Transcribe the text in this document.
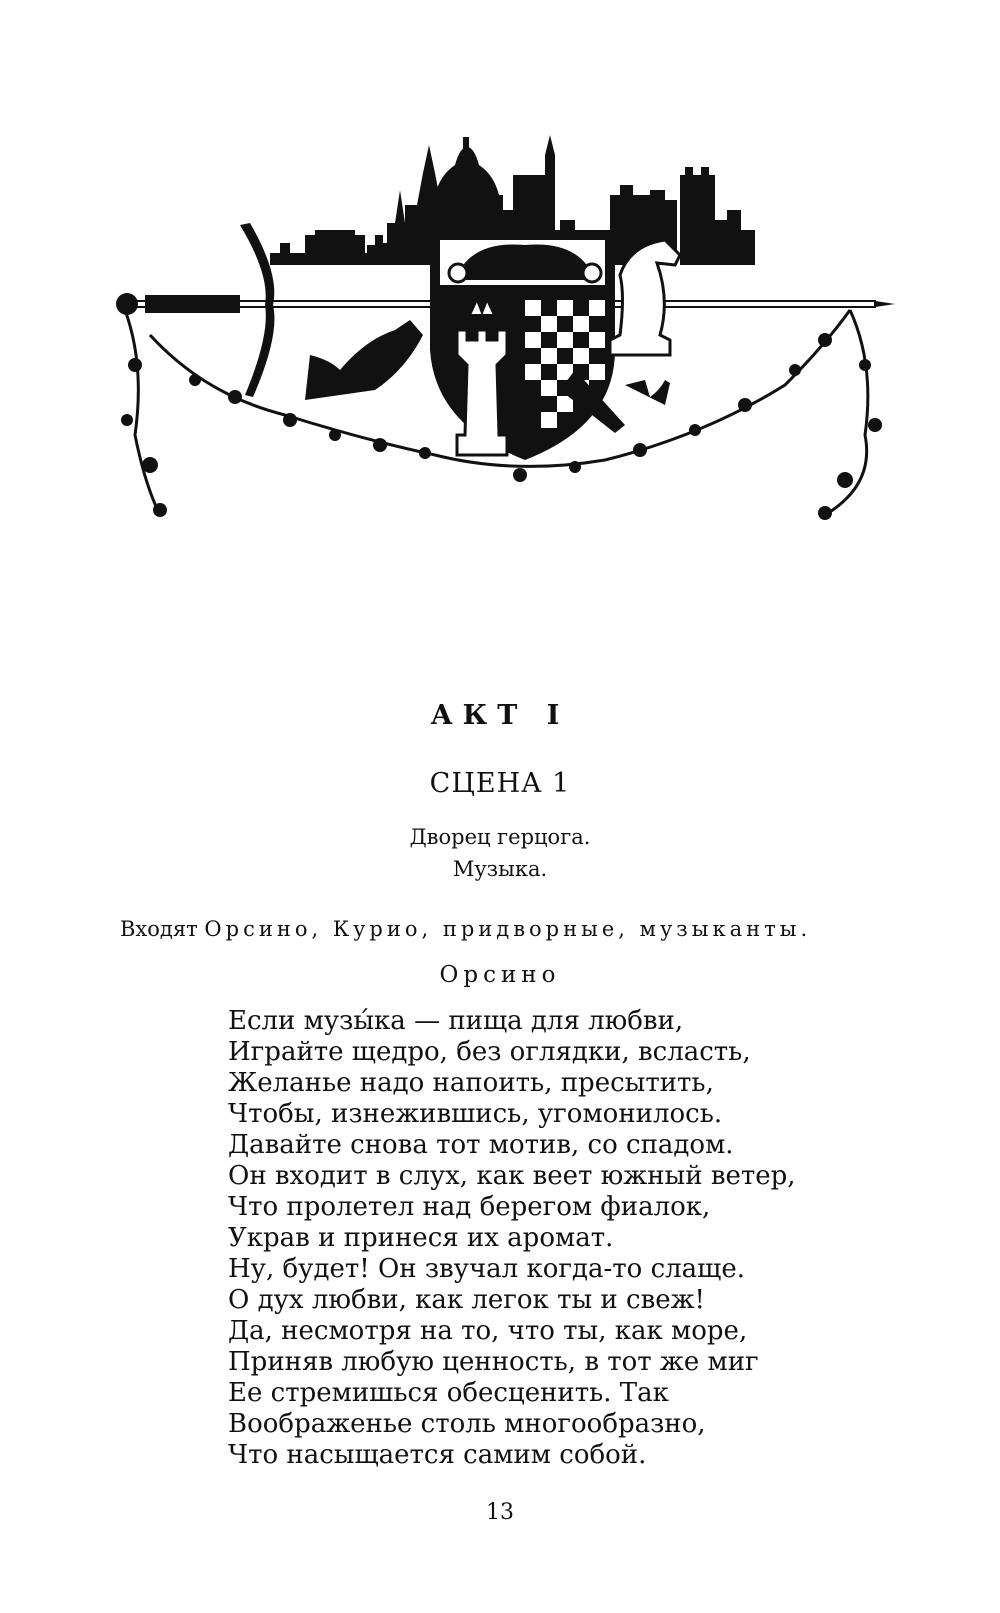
АКТ I
СЦЕНА 1
Дворец герцога.
Музыка.
Входят Орсино, Курио, придворные, музыканты.
Орсино
Если музы́ка — пища для любви,
Играйте щедро, без оглядки, всласть,
Желанье надо напоить, пресытить,
Чтобы, изнежившись, угомонилось.
Давайте снова тот мотив, со спадом.
Он входит в слух, как веет южный ветер,
Что пролетел над берегом фиалок,
Украв и принеся их аромат.
Ну, будет! Он звучал когда-то слаще.
О дух любви, как легок ты и свеж!
Да, несмотря на то, что ты, как море,
Приняв любую ценность, в тот же миг
Ее стремишься обесценить. Так
Воображенье столь многообразно,
Что насыщается самим собой.
13
